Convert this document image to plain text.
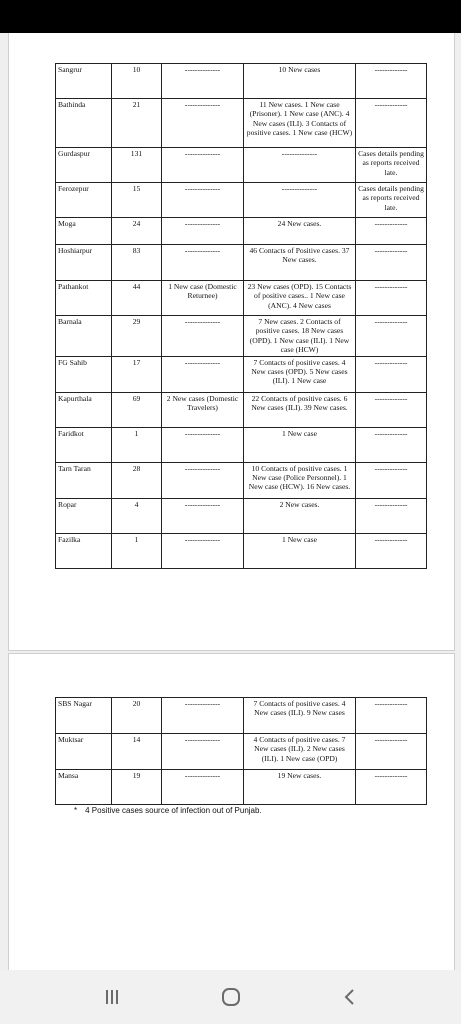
Sangrur	10	--------------	10 New cases	-------------
Bathinda	21	--------------	11 New cases. 1 New case (Prisoner). 1 New case (ANC). 4 New cases (ILI). 3 Contacts of positive cases. 1 New case (HCW)	-------------
Gurdaspur	131	--------------	--------------	Cases details pending as reports received late.
Ferozepur	15	--------------	--------------	Cases details pending as reports received late.
Moga	24	--------------	24 New cases.	-------------
Hoshiarpur	83	--------------	46 Contacts of Positive cases. 37 New cases.	-------------
Pathankot	44	1 New case (Domestic Returnee)	23 New cases (OPD). 15 Contacts of positive cases.. 1 New case (ANC). 4 New cases	-------------
Barnala	29	--------------	7 New cases. 2 Contacts of positive cases. 18 New cases (OPD). 1 New case (ILI). 1 New case (HCW)	-------------
FG Sahib	17	--------------	7 Contacts of positive cases. 4 New cases (OPD). 5 New cases (ILI). 1 New case	-------------
Kapurthala	69	2 New cases (Domestic Travelers)	22 Contacts of positive cases. 6 New cases (ILI). 39 New cases.	-------------
Faridkot	1	--------------	1 New case	-------------
Tarn Taran	28	--------------	10 Contacts of positive cases. 1 New case (Police Personnel). 1 New case (HCW). 16 New cases.	-------------
Ropar	4	--------------	2 New cases.	-------------
Fazilka	1	--------------	1 New case	-------------
SBS Nagar	20	--------------	7 Contacts of positive cases. 4 New cases (ILI). 9 New cases	-------------
Muktsar	14	--------------	4 Contacts of positive cases. 7 New cases (ILI). 2 New cases (ILI). 1 New case (OPD)	-------------
Mansa	19	--------------	19 New cases.	-------------
* 4 Positive cases source of infection out of Punjab.
